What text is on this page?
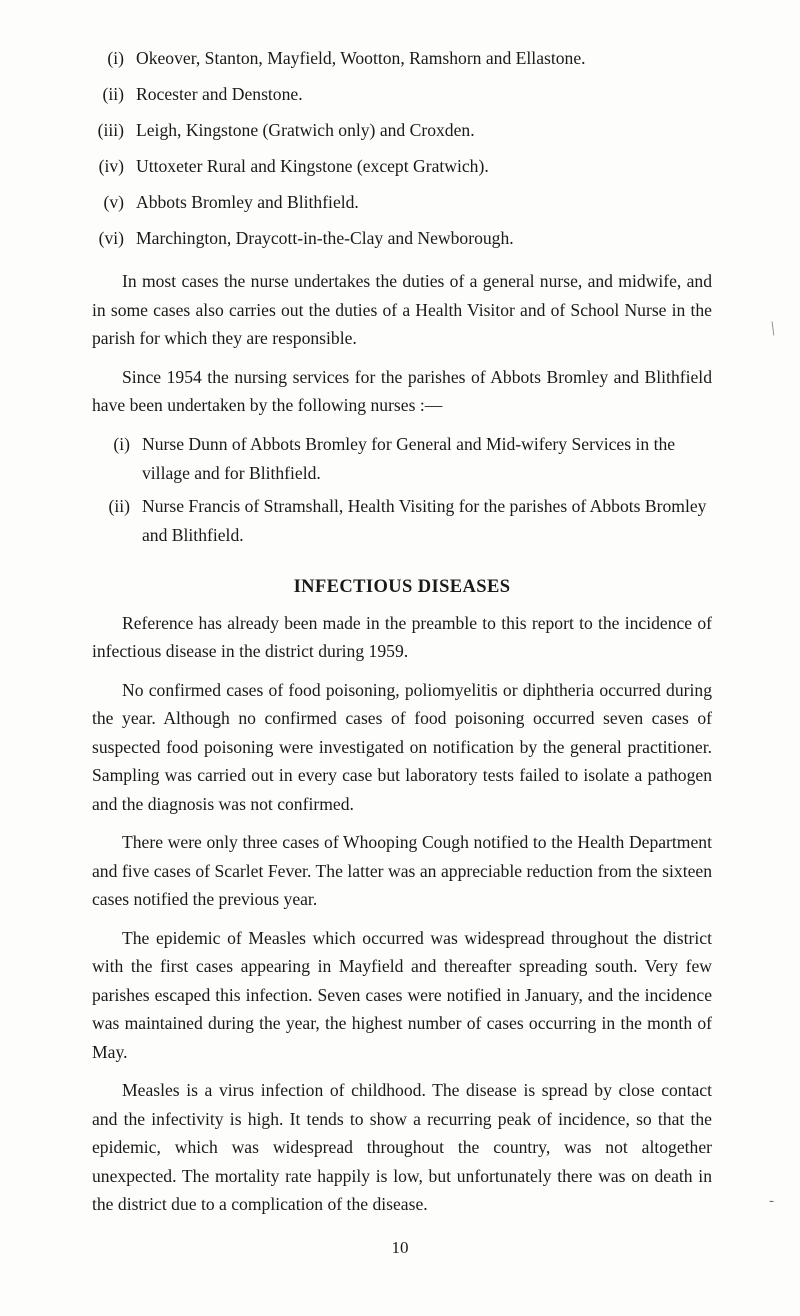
\
(i) Okeover, Stanton, Mayfield, Wootton, Ramshorn and Ellastone.
(ii) Rocester and Denstone.
(iii) Leigh, Kingstone (Gratwich only) and Croxden.
(iv) Uttoxeter Rural and Kingstone (except Gratwich).
(v) Abbots Bromley and Blithfield.
(vi) Marchington, Draycott-in-the-Clay and Newborough.

In most cases the nurse undertakes the duties of a general nurse, and midwife, and in some cases also carries out the duties of a Health Visitor and of School Nurse in the parish for which they are responsible.

Since 1954 the nursing services for the parishes of Abbots Bromley and Blithfield have been undertaken by the following nurses :—

(i) Nurse Dunn of Abbots Bromley for General and Mid-wifery Services in the village and for Blithfield.
(ii) Nurse Francis of Stramshall, Health Visiting for the parishes of Abbots Bromley and Blithfield.
INFECTIOUS DISEASES

Reference has already been made in the preamble to this report to the incidence of infectious disease in the district during 1959.

No confirmed cases of food poisoning, poliomyelitis or diphtheria occurred during the year. Although no confirmed cases of food poisoning occurred seven cases of suspected food poisoning were investigated on notification by the general practitioner. Sampling was carried out in every case but laboratory tests failed to isolate a pathogen and the diagnosis was not confirmed.

There were only three cases of Whooping Cough notified to the Health Department and five cases of Scarlet Fever. The latter was an appreciable reduction from the sixteen cases notified the previous year.

The epidemic of Measles which occurred was widespread throughout the district with the first cases appearing in Mayfield and thereafter spreading south. Very few parishes escaped this infection. Seven cases were notified in January, and the incidence was maintained during the year, the highest number of cases occurring in the month of May.

Measles is a virus infection of childhood. The disease is spread by close contact and the infectivity is high. It tends to show a recurring peak of incidence, so that the epidemic, which was widespread throughout the country, was not altogether unexpected. The mortality rate happily is low, but unfortunately there was on death in the district due to a complication of the disease.	-
10
